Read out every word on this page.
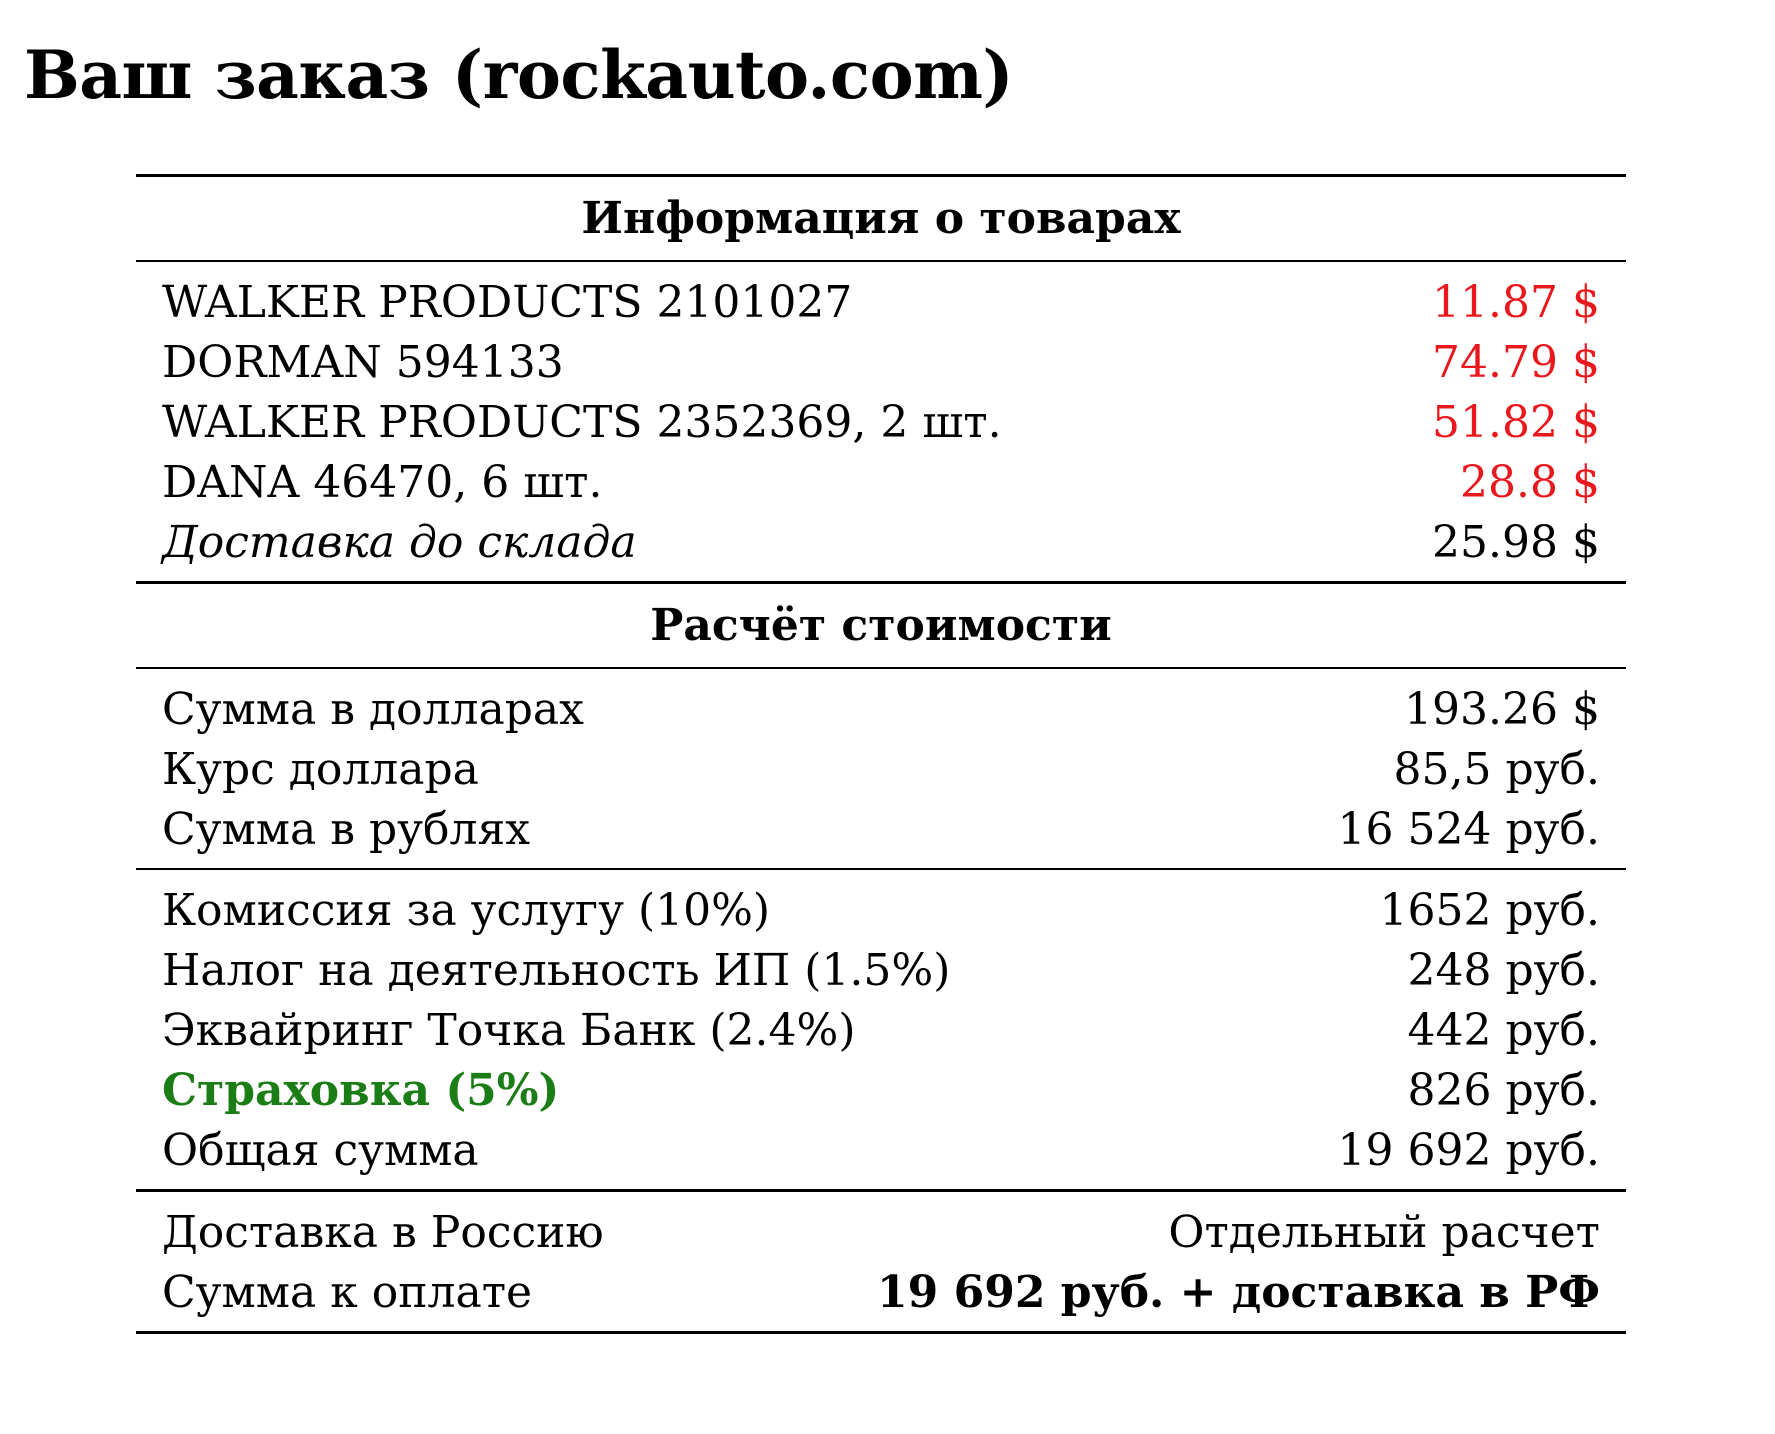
Ваш заказ (rockauto.com)
Информация о товарах
WALKER PRODUCTS 2101027	11.87 $
DORMAN 594133	74.79 $
WALKER PRODUCTS 2352369, 2 шт.	51.82 $
DANA 46470, 6 шт.	28.8 $
Доставка до склада	25.98 $
Расчёт стоимости
Сумма в долларах	193.26 $
Курс доллара	85,5 руб.
Сумма в рублях	16 524 руб.
Комиссия за услугу (10%)	1652 руб.
Налог на деятельность ИП (1.5%)	248 руб.
Эквайринг Точка Банк (2.4%)	442 руб.
Страховка (5%)	826 руб.
Общая сумма	19 692 руб.
Доставка в Россию	Отдельный расчет
Сумма к оплате	19 692 руб. + доставка в РФ
